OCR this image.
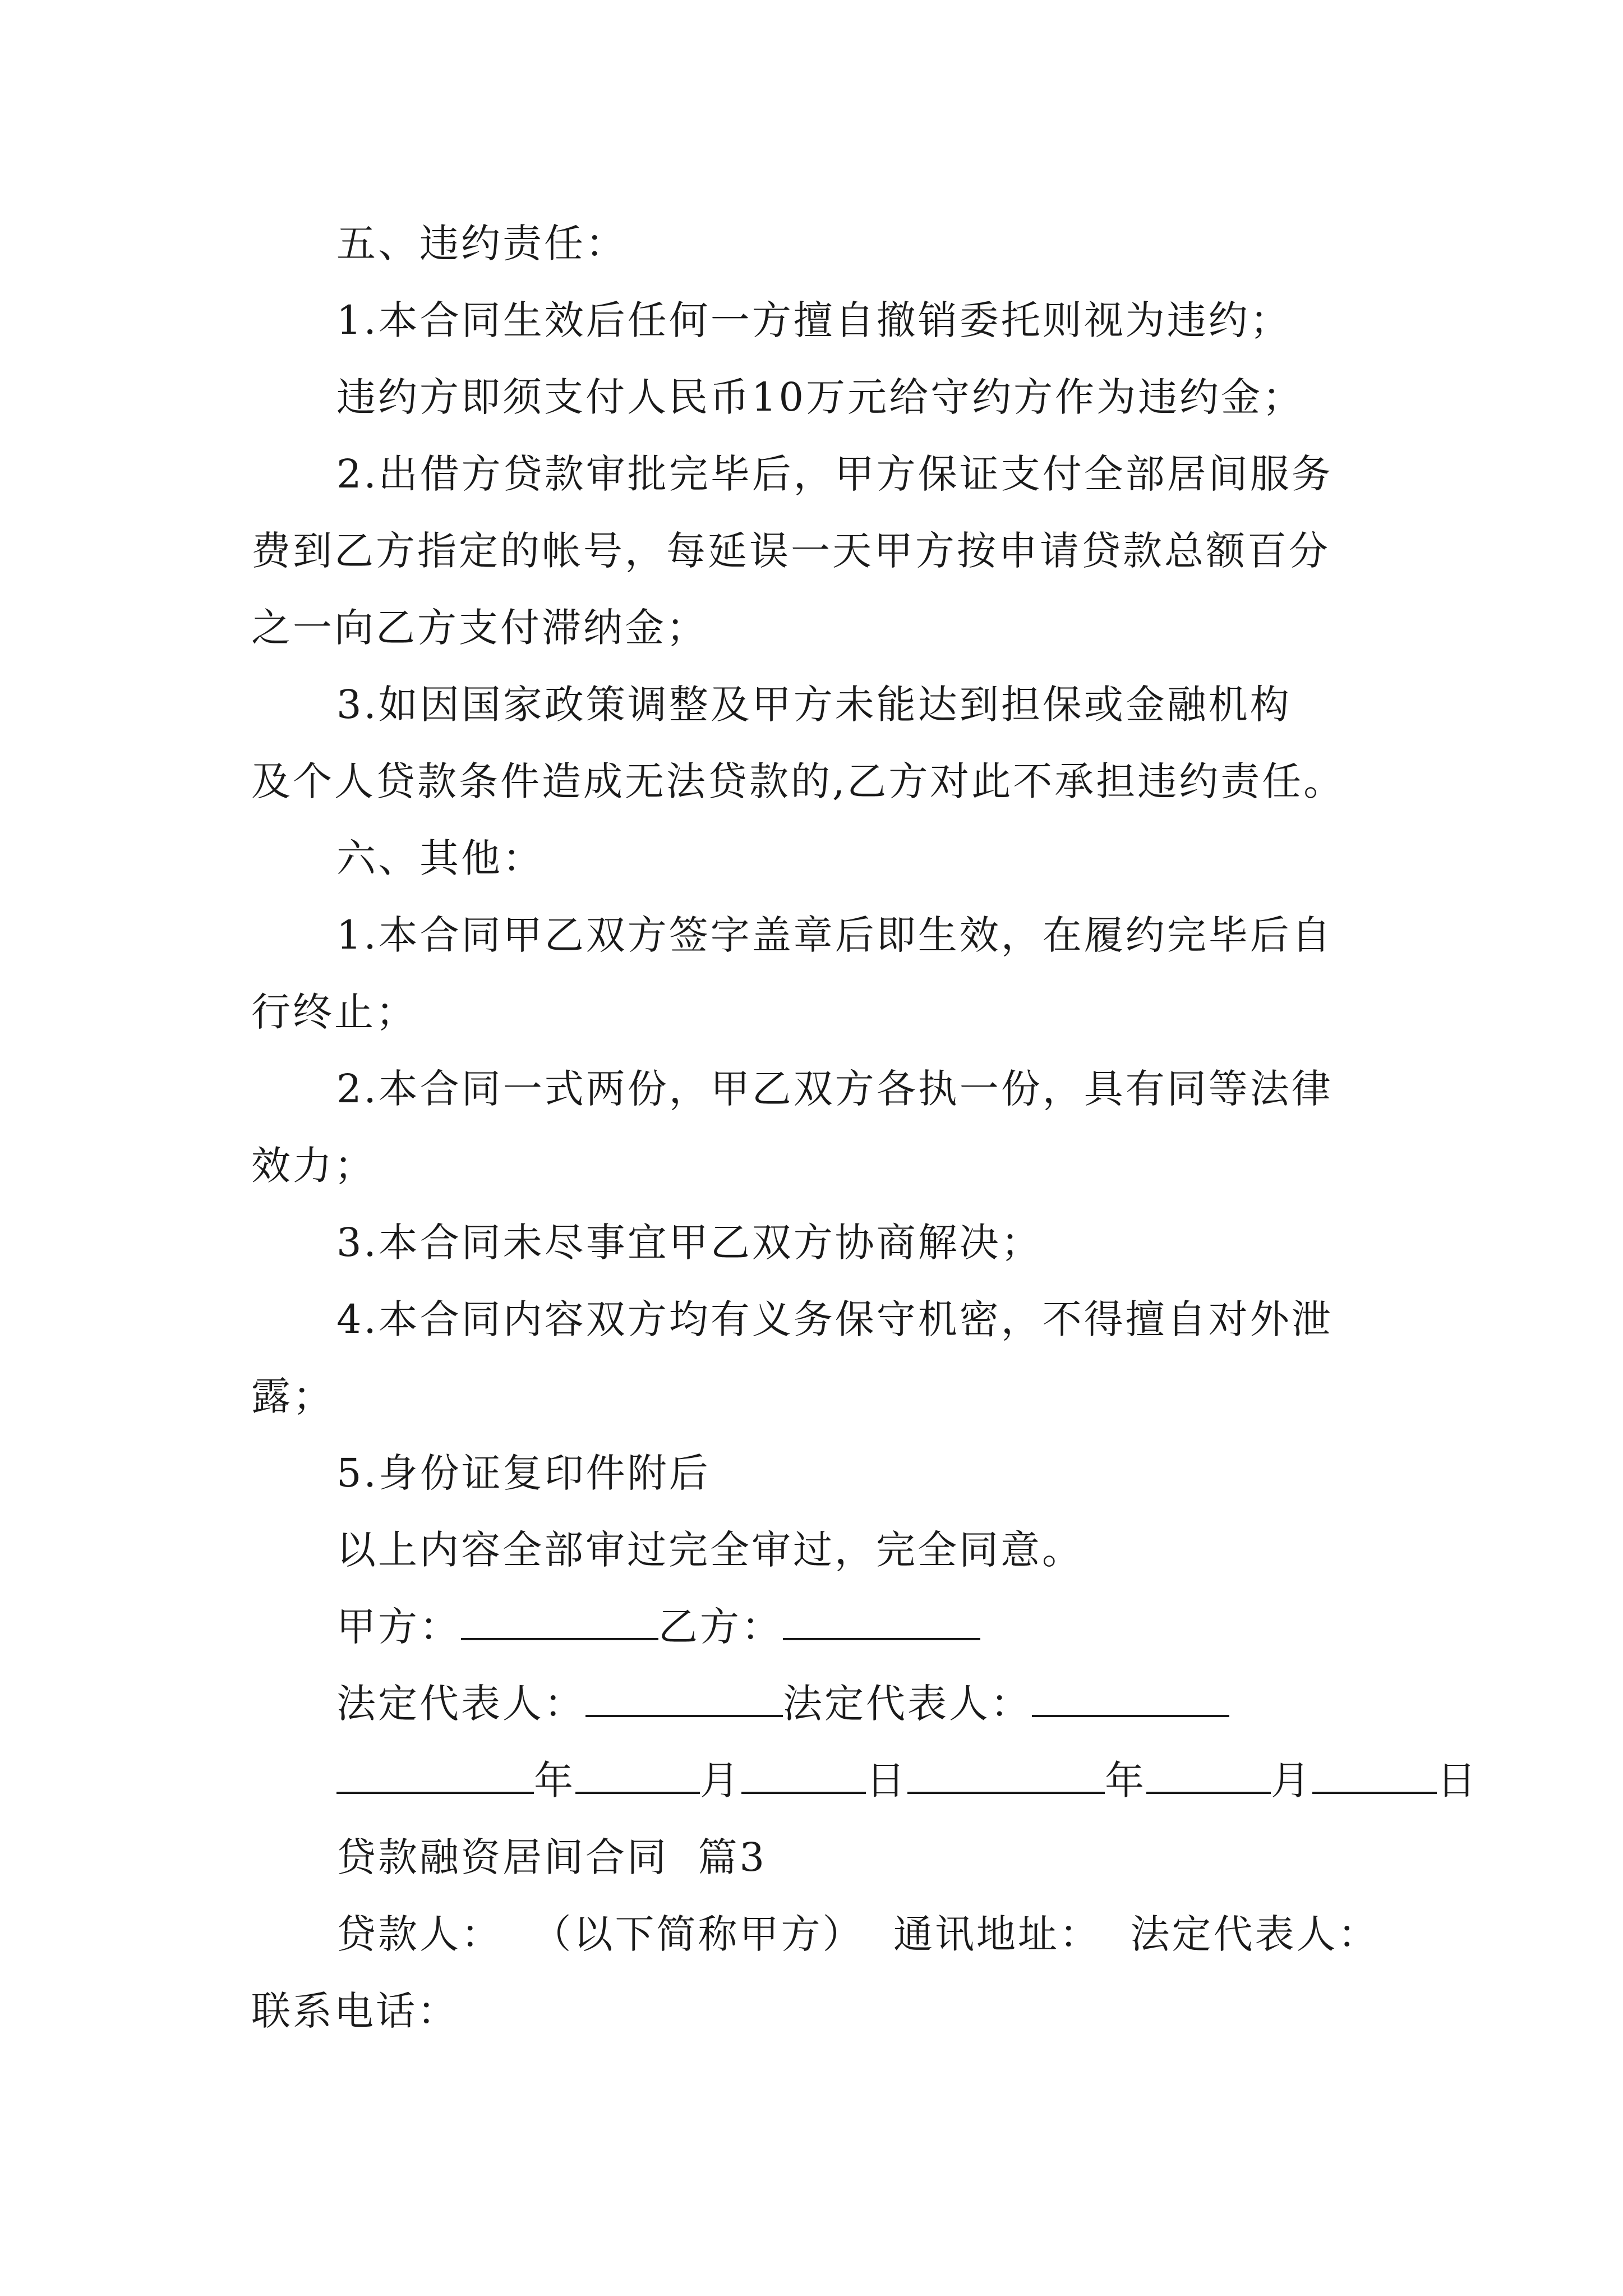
五、违约责任：
1.本合同生效后任何一方擅自撤销委托则视为违约；
违约方即须支付人民币10万元给守约方作为违约金；
2.出借方贷款审批完毕后，甲方保证支付全部居间服务
费到乙方指定的帐号，每延误一天甲方按申请贷款总额百分
之一向乙方支付滞纳金；
3.如因国家政策调整及甲方未能达到担保或金融机构
及个人贷款条件造成无法贷款的,乙方对此不承担违约责任。
六、其他：
1.本合同甲乙双方签字盖章后即生效，在履约完毕后自
行终止；
2.本合同一式两份，甲乙双方各执一份，具有同等法律
效力；
3.本合同未尽事宜甲乙双方协商解决；
4.本合同内容双方均有义务保守机密，不得擅自对外泄
露；
5.身份证复印件附后
以上内容全部审过完全审过，完全同意。
甲方：	乙方：
法定代表人：	法定代表人：
年	月	日	年	月	日
贷款融资居间合同  篇3
贷款人：  （以下简称甲方）  通讯地址：  法定代表人：
联系电话：
